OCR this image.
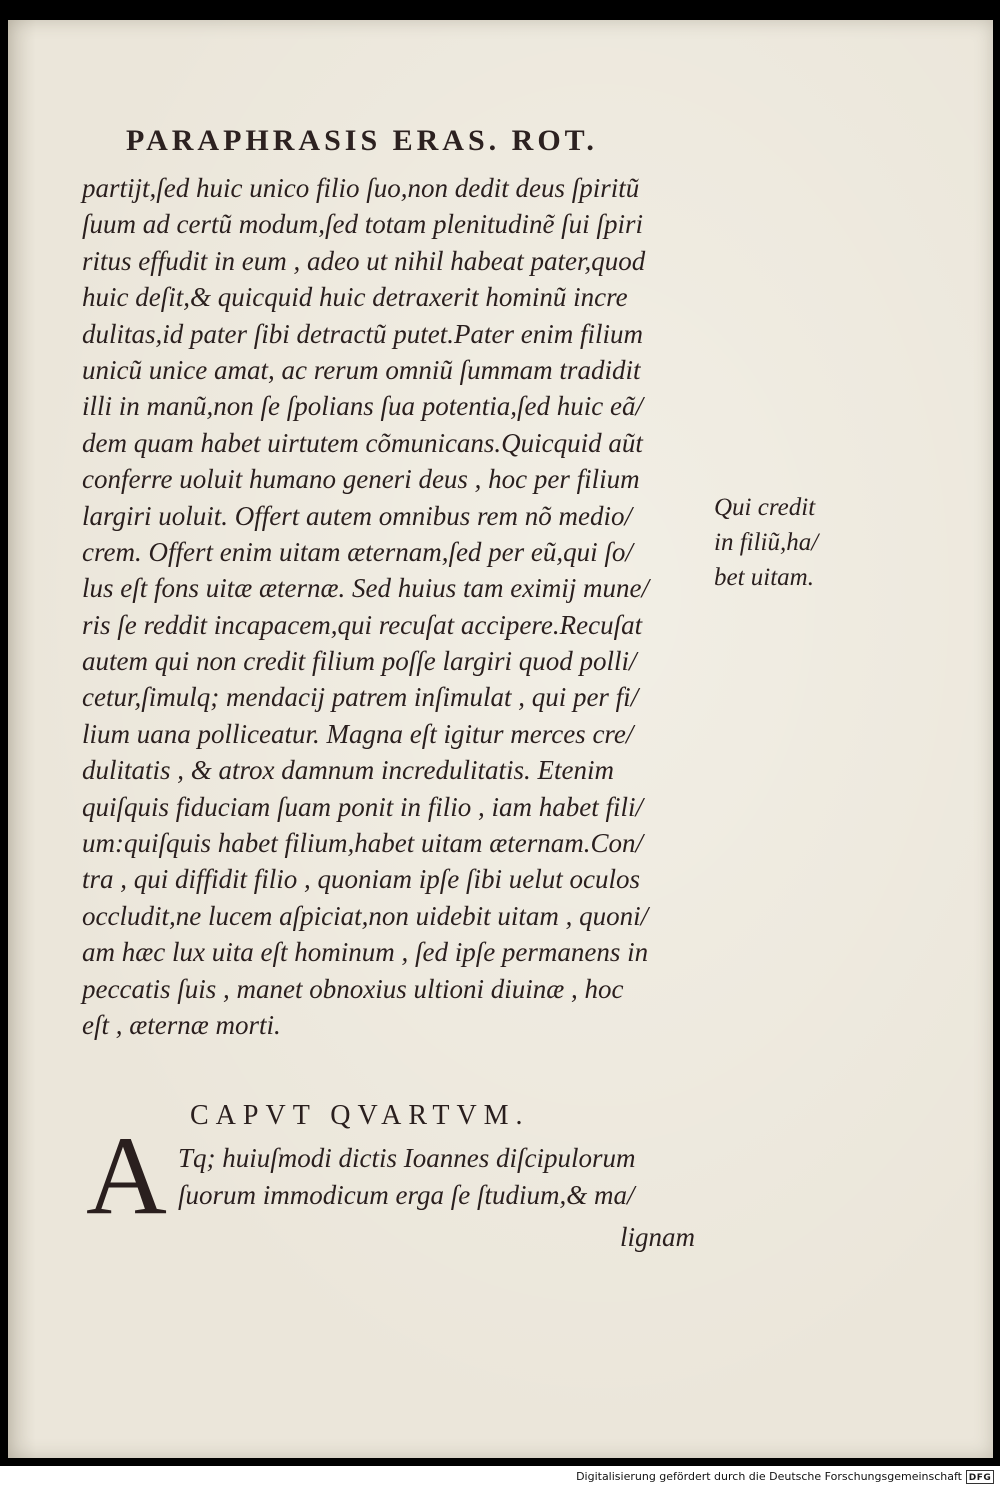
PARAPHRASIS ERAS. ROT.
partijt,ſed huic unico filio ſuo,non dedit deus ſpiritũ
ſuum ad certũ modum,ſed totam plenitudinẽ ſui ſpiri
ritus effudit in eum , adeo ut nihil habeat pater,quod
huic deſit,& quicquid huic detraxerit hominũ incre
dulitas,id pater ſibi detractũ putet.Pater enim filium
unicũ unice amat, ac rerum omniũ ſummam tradidit
illi in manũ,non ſe ſpolians ſua potentia,ſed huic eã/
dem quam habet uirtutem cõmunicans.Quicquid aũt
conferre uoluit humano generi deus , hoc per filium
largiri uoluit. Offert autem omnibus rem nõ medio/
crem. Offert enim uitam æternam,ſed per eũ,qui ſo/
lus eſt fons uitæ æternæ. Sed huius tam eximij mune/
ris ſe reddit incapacem,qui recuſat accipere.Recuſat
autem qui non credit filium poſſe largiri quod polli/
cetur,ſimulq; mendacij patrem inſimulat , qui per fi/
lium uana polliceatur. Magna eſt igitur merces cre/
dulitatis , & atrox damnum incredulitatis. Etenim
quiſquis fiduciam ſuam ponit in filio , iam habet fili/
um:quiſquis habet filium,habet uitam æternam.Con/
tra , qui diffidit filio , quoniam ipſe ſibi uelut oculos
occludit,ne lucem aſpiciat,non uidebit uitam , quoni/
am hæc lux uita eſt hominum , ſed ipſe permanens in
peccatis ſuis , manet obnoxius ultioni diuinæ , hoc
eſt , æternæ morti.
Qui credit
in filiũ,ha/
bet uitam.
CAPVT QVARTVM.
A Tq; huiuſmodi dictis Ioannes diſcipulorum
ſuorum immodicum erga ſe ſtudium,& ma/
lignam
Digitalisierung gefördert durch die Deutsche Forschungsgemeinschaft DFG
